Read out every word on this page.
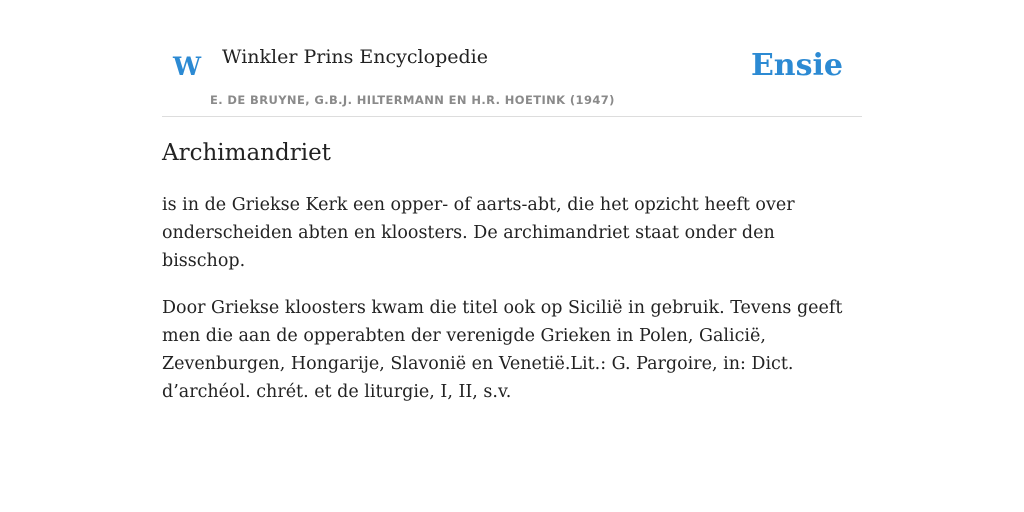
W Winkler Prins Encyclopedie
E. DE BRUYNE, G.B.J. HILTERMANN EN H.R. HOETINK (1947)
Ensie
Archimandriet

is in de Griekse Kerk een opper- of aarts-abt, die het opzicht heeft over onderscheiden abten en kloosters. De archimandriet staat onder den bisschop.

Door Griekse kloosters kwam die titel ook op Sicilië in gebruik. Tevens geeft men die aan de opperabten der verenigde Grieken in Polen, Galicië, Zevenburgen, Hongarije, Slavonië en Venetië.Lit.: G. Pargoire, in: Dict. d’archéol. chrét. et de liturgie, I, II, s.v.
